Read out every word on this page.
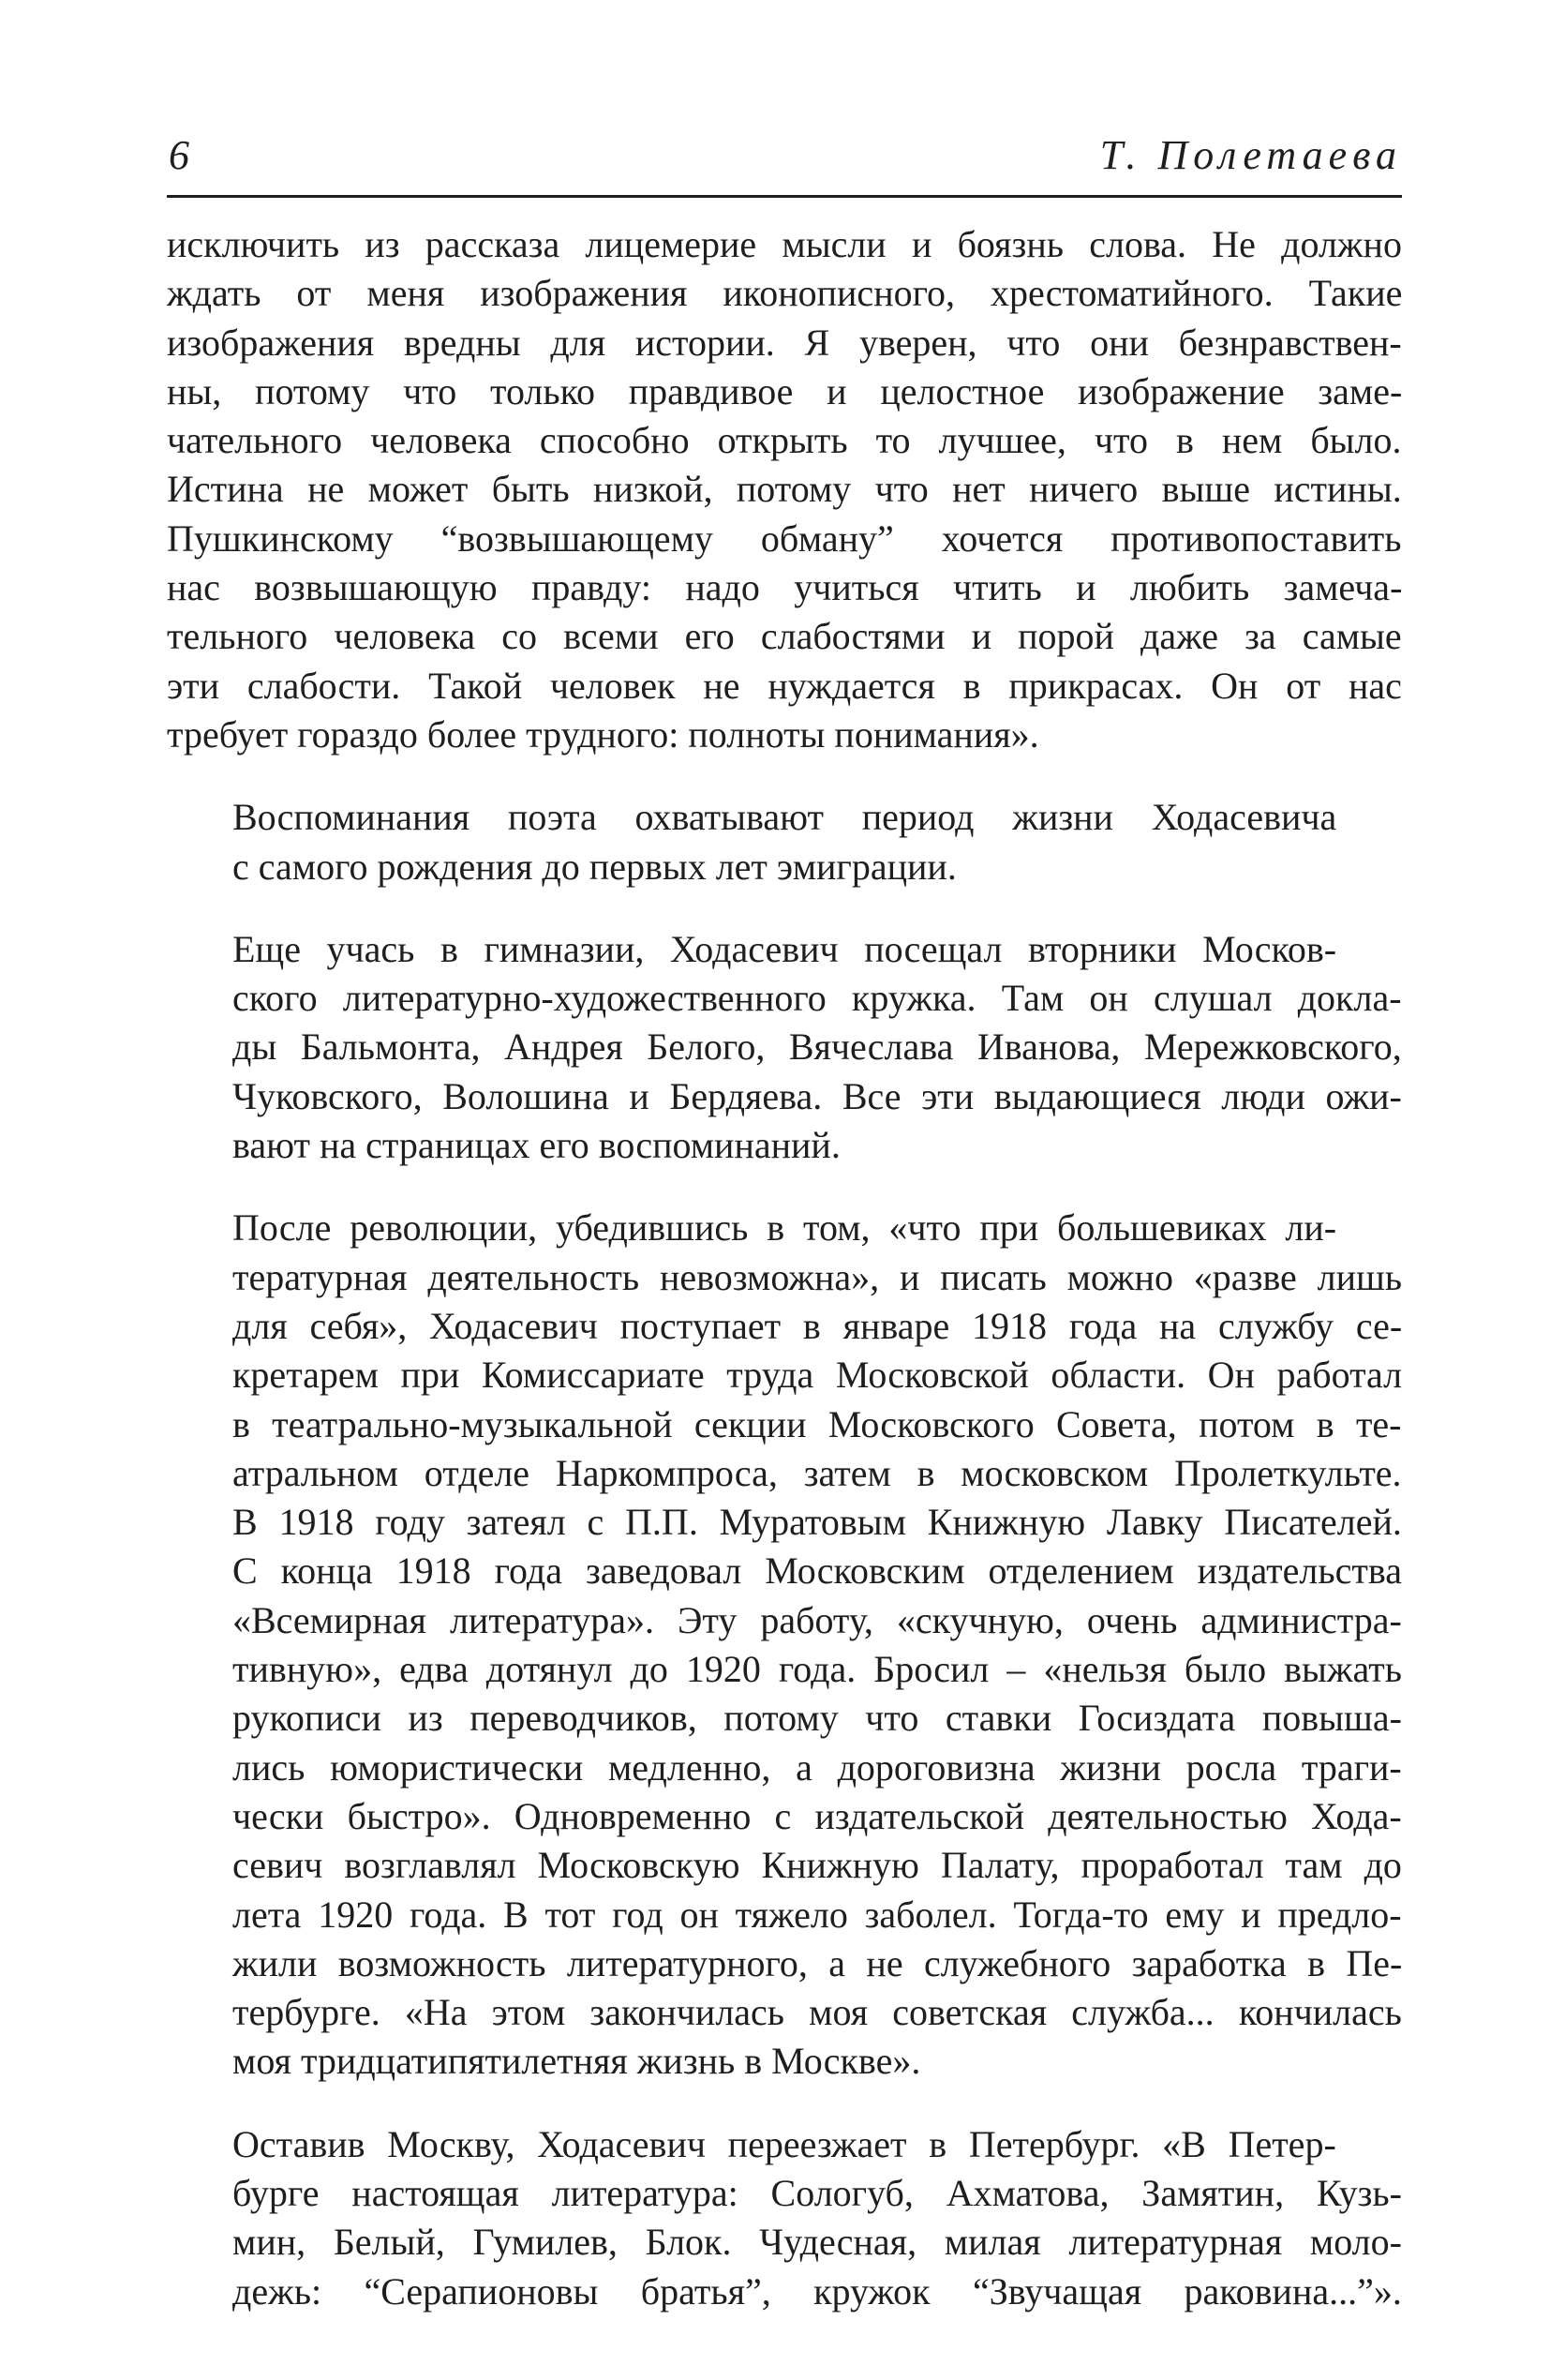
6	Т. Полетаева
исключить из рассказа лицемерие мысли и боязнь слова. Не должно
ждать от меня изображения иконописного, хрестоматийного. Такие
изображения вредны для истории. Я уверен, что они безнравствен-
ны, потому что только правдивое и целостное изображение заме-
чательного человека способно открыть то лучшее, что в нем было.
Истина не может быть низкой, потому что нет ничего выше истины.
Пушкинскому “возвышающему обману” хочется противопоставить
нас возвышающую правду: надо учиться чтить и любить замеча-
тельного человека со всеми его слабостями и порой даже за самые
эти слабости. Такой человек не нуждается в прикрасах. Он от нас
требует гораздо более трудного: полноты понимания».
Воспоминания поэта охватывают период жизни Ходасевича
с самого рождения до первых лет эмиграции.
Еще учась в гимназии, Ходасевич посещал вторники Москов-
ского литературно-художественного кружка. Там он слушал докла-
ды Бальмонта, Андрея Белого, Вячеслава Иванова, Мережковского,
Чуковского, Волошина и Бердяева. Все эти выдающиеся люди ожи-
вают на страницах его воспоминаний.
После революции, убедившись в том, «что при большевиках ли-
тературная деятельность невозможна», и писать можно «разве лишь
для себя», Ходасевич поступает в январе 1918 года на службу се-
кретарем при Комиссариате труда Московской области. Он работал
в театрально-музыкальной секции Московского Совета, потом в те-
атральном отделе Наркомпроса, затем в московском Пролеткульте.
В 1918 году затеял с П.П. Муратовым Книжную Лавку Писателей.
С конца 1918 года заведовал Московским отделением издательства
«Всемирная литература». Эту работу, «скучную, очень администра-
тивную», едва дотянул до 1920 года. Бросил – «нельзя было выжать
рукописи из переводчиков, потому что ставки Госиздата повыша-
лись юмористически медленно, а дороговизна жизни росла траги-
чески быстро». Одновременно с издательской деятельностью Хода-
севич возглавлял Московскую Книжную Палату, проработал там до
лета 1920 года. В тот год он тяжело заболел. Тогда-то ему и предло-
жили возможность литературного, а не служебного заработка в Пе-
тербурге. «На этом закончилась моя советская служба... кончилась
моя тридцатипятилетняя жизнь в Москве».
Оставив Москву, Ходасевич переезжает в Петербург. «В Петер-
бурге настоящая литература: Сологуб, Ахматова, Замятин, Кузь-
мин, Белый, Гумилев, Блок. Чудесная, милая литературная моло-
дежь: “Серапионовы братья”, кружок “Звучащая раковина...”».
